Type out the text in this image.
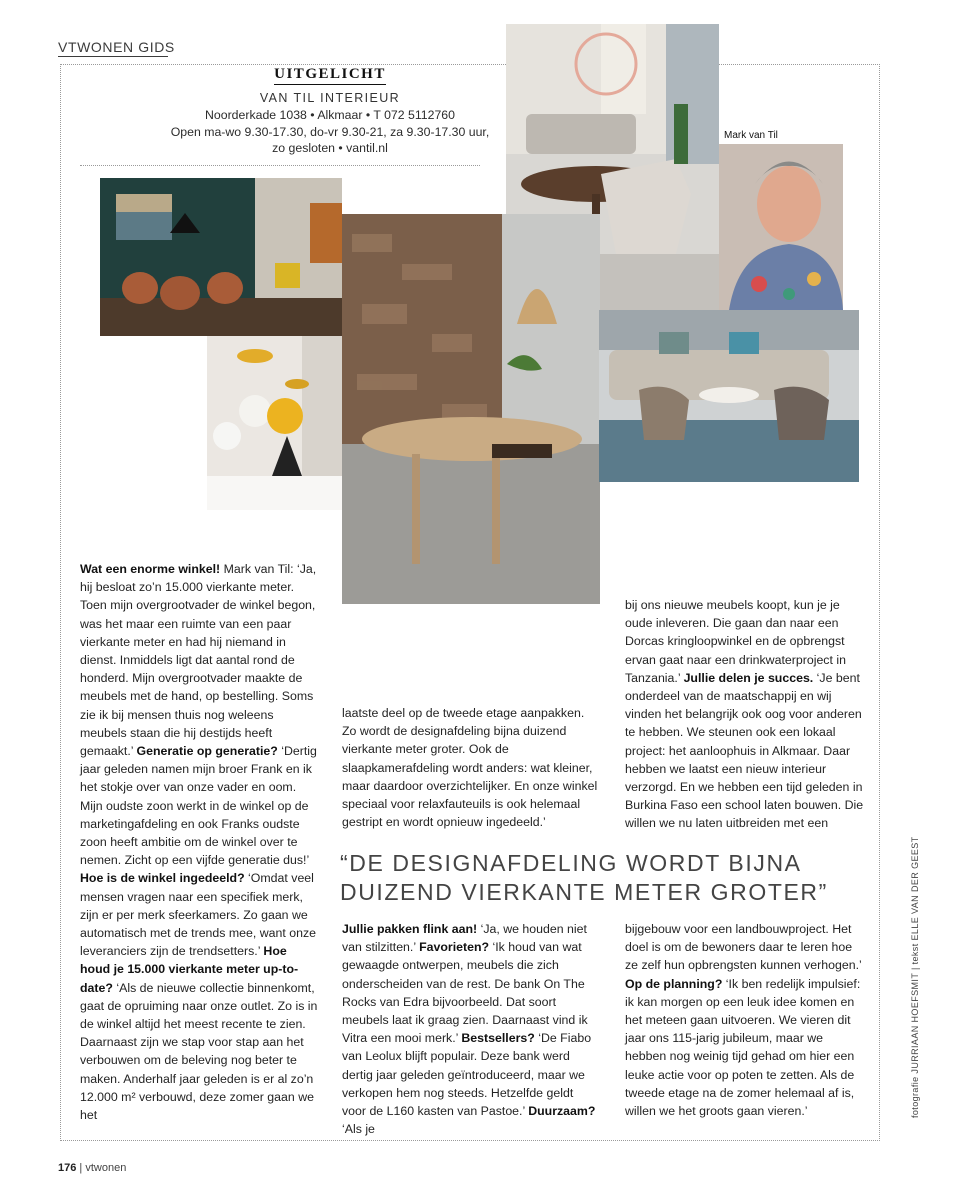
VTWONEN GIDS
UITGELICHT
VAN TIL INTERIEUR
Noorderkade 1038 • Alkmaar • T 072 5112760
Open ma-wo 9.30-17.30, do-vr 9.30-21, za 9.30-17.30 uur,
zo gesloten • vantil.nl
Mark van Til

Wat een enorme winkel! Mark van Til: ‘Ja, hij besloat zo’n 15.000 vierkante meter. Toen mijn overgrootvader de winkel begon, was het maar een ruimte van een paar vierkante meter en had hij niemand in dienst. Inmiddels ligt dat aantal rond de honderd. Mijn overgrootvader maakte de meubels met de hand, op bestelling. Soms zie ik bij mensen thuis nog weleens meubels staan die hij destijds heeft gemaakt.’ Generatie op generatie? ‘Dertig jaar geleden namen mijn broer Frank en ik het stokje over van onze vader en oom. Mijn oudste zoon werkt in de winkel op de marketingafdeling en ook Franks oudste zoon heeft ambitie om de winkel over te nemen. Zicht op een vijfde generatie dus!’ Hoe is de winkel ingedeeld? ‘Omdat veel mensen vragen naar een specifiek merk, zijn er per merk sfeerkamers. Zo gaan we automatisch met de trends mee, want onze leveranciers zijn de trendsetters.’ Hoe houd je 15.000 vierkante meter up-to-date? ‘Als de nieuwe collectie binnenkomt, gaat de opruiming naar onze outlet. Zo is in de winkel altijd het meest recente te zien. Daarnaast zijn we stap voor stap aan het verbouwen om de beleving nog beter te maken. Anderhalf jaar geleden is er al zo’n 12.000 m² verbouwd, deze zomer gaan we het

laatste deel op de tweede etage aanpakken. Zo wordt de designafdeling bijna duizend vierkante meter groter. Ook de slaapkamerafdeling wordt anders: wat kleiner, maar daardoor overzichtelijker. En onze winkel speciaal voor relaxfauteuils is ook helemaal gestript en wordt opnieuw ingedeeld.’

bij ons nieuwe meubels koopt, kun je je oude inleveren. Die gaan dan naar een Dorcas kringloopwinkel en de opbrengst ervan gaat naar een drinkwaterproject in Tanzania.’ Jullie delen je succes. ‘Je bent onderdeel van de maatschappij en wij vinden het belangrijk ook oog voor anderen te hebben. We steunen ook een lokaal project: het aanloophuis in Alkmaar. Daar hebben we laatst een nieuw interieur verzorgd. En we hebben een tijd geleden in Burkina Faso een school laten bouwen. Die willen we nu laten uitbreiden met een

“DE DESIGNAFDELING WORDT BIJNA DUIZEND VIERKANTE METER GROTER”

Jullie pakken flink aan! ‘Ja, we houden niet van stilzitten.’ Favorieten? ‘Ik houd van wat gewaagde ontwerpen, meubels die zich onderscheiden van de rest. De bank On The Rocks van Edra bijvoorbeeld. Dat soort meubels laat ik graag zien. Daarnaast vind ik Vitra een mooi merk.’ Bestsellers? ‘De Fiabo van Leolux blijft populair. Deze bank werd dertig jaar geleden geïntroduceerd, maar we verkopen hem nog steeds. Hetzelfde geldt voor de L160 kasten van Pastoe.’ Duurzaam? ‘Als je

bijgebouw voor een landbouwproject. Het doel is om de bewoners daar te leren hoe ze zelf hun opbrengsten kunnen verhogen.’ Op de planning? ‘Ik ben redelijk impulsief: ik kan morgen op een leuk idee komen en het meteen gaan uitvoeren. We vieren dit jaar ons 115-jarig jubileum, maar we hebben nog weinig tijd gehad om hier een leuke actie voor op poten te zetten. Als de tweede etage na de zomer helemaal af is, willen we het groots gaan vieren.’	fotografie JURRIAAN HOEFSMIT | tekst ELLE VAN DER GEEST
176 | vtwonen
